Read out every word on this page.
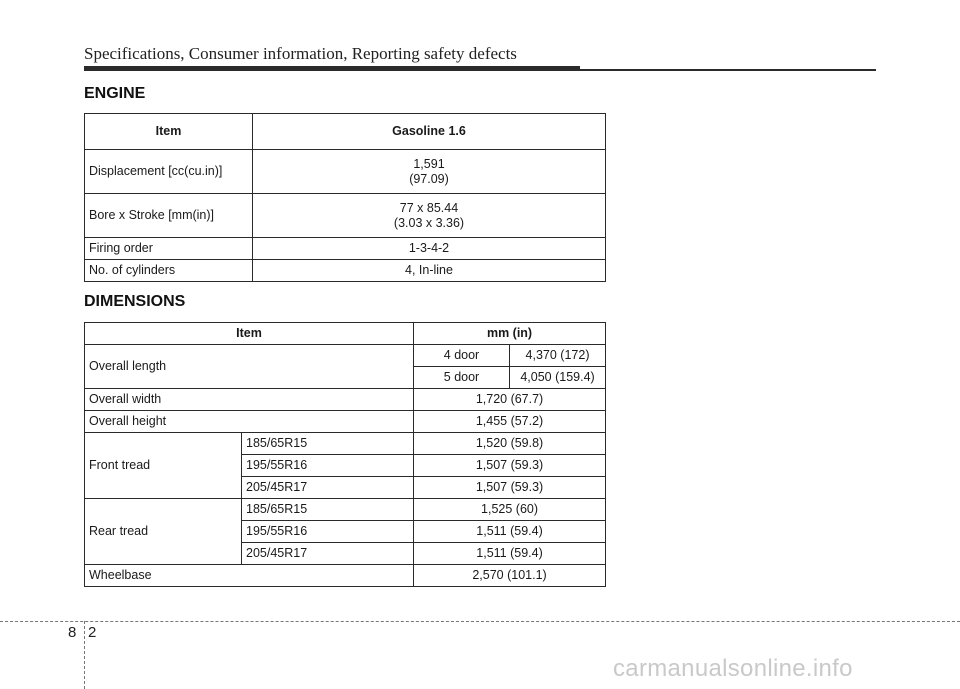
Specifications, Consumer information, Reporting safety defects
ENGINE
Item	Gasoline 1.6
Displacement [cc(cu.in)]	1,591
(97.09)

Bore x Stroke [mm(in)]	77 x 85.44
(3.03 x 3.36)

Firing order	1-3-4-2
No. of cylinders	4, In-line
DIMENSIONS
Item		mm (in)	
Overall length		4 door	4,370 (172)
		5 door	4,050 (159.4)
Overall width		1,720 (67.7)	
Overall height		1,455 (57.2)	
Front tread	185/65R15	1,520 (59.8)	
	195/55R16	1,507 (59.3)	
	205/45R17	1,507 (59.3)	
Rear tread	185/65R15	1,525 (60)	
	195/55R16	1,511 (59.4)	
	205/45R17	1,511 (59.4)	
Wheelbase		2,570 (101.1)	
8 2
carmanualsonline.info
